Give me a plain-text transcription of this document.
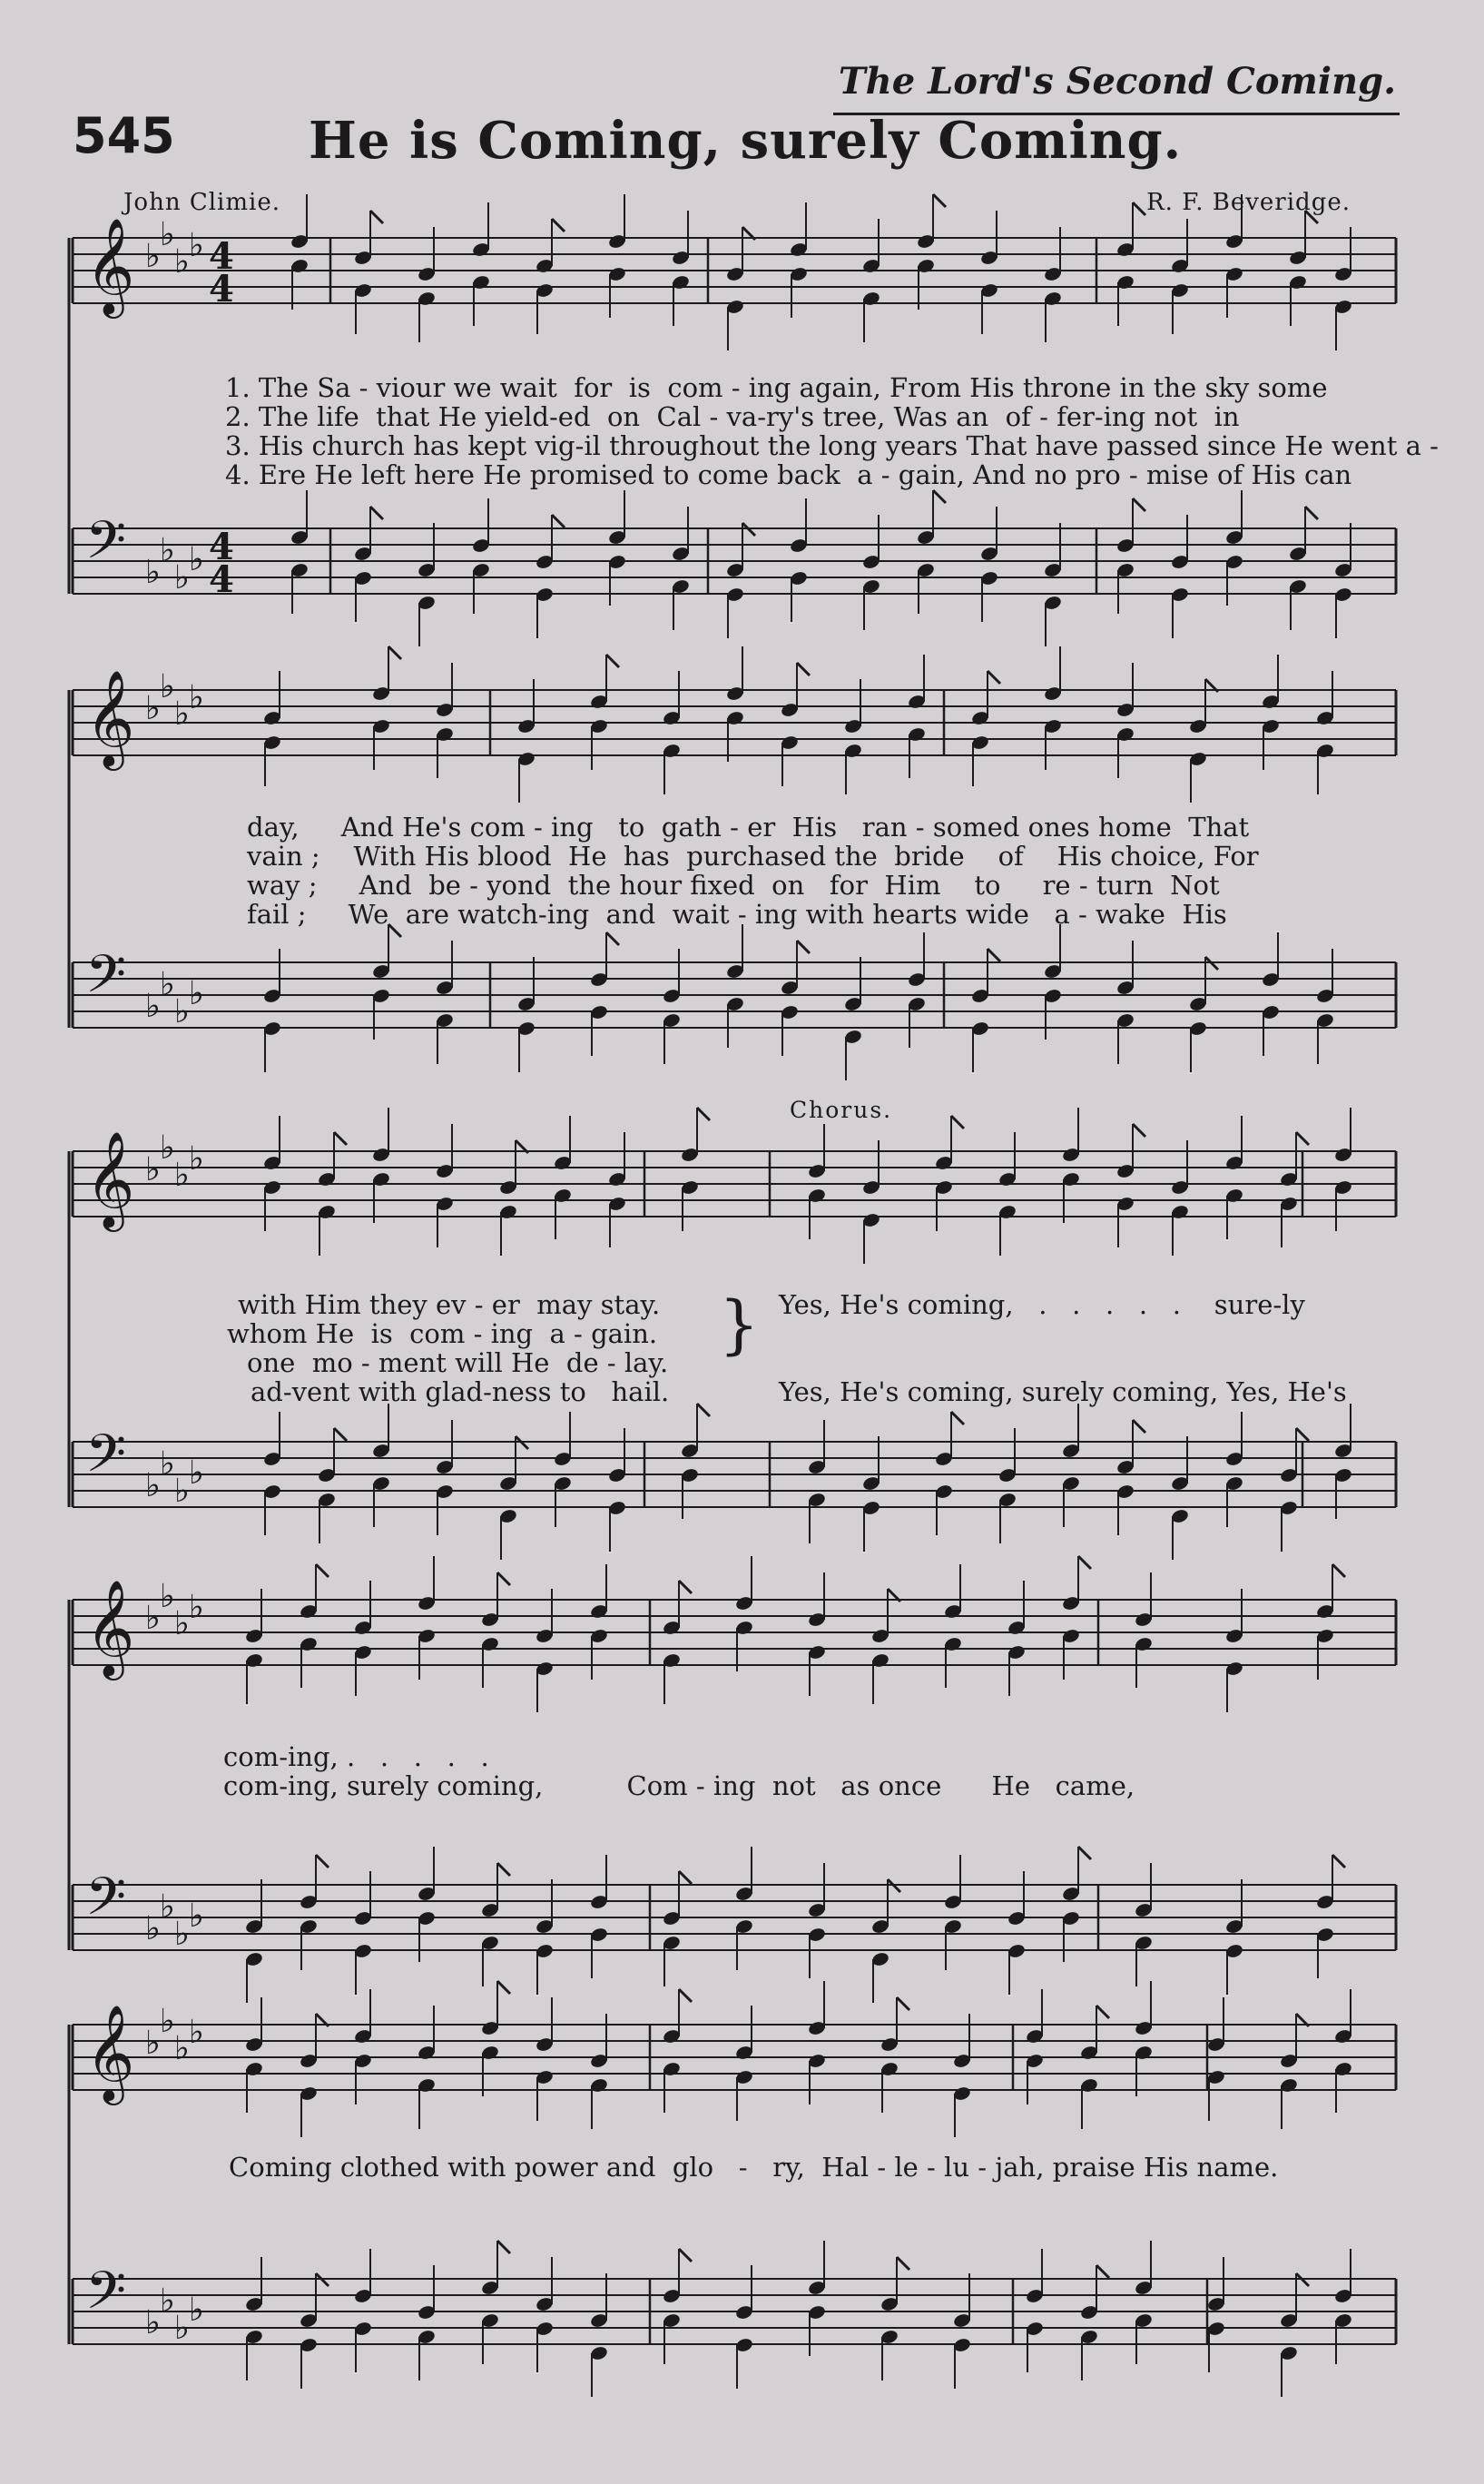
The Lord's Second Coming.
545	He is Coming, surely Coming.
John Climie.	R. F. Beveridge.
𝄞 ♭
♭
♭ ♭ 4
4
𝄢 ♭
♭
♭ ♭ 4
4
𝄞 ♭
♭
♭ ♭
𝄢 ♭
♭
♭ ♭
𝄞 ♭
♭
♭ ♭
𝄢 ♭
♭
♭ ♭
𝄞 ♭
♭
♭ ♭
𝄢 ♭
♭
♭ ♭
𝄞 ♭
♭
♭ ♭
𝄢 ♭
♭
♭ ♭
1. The Sa - viour we wait  for  is  com - ing again, From His throne in the sky some
2. The life  that He yield-ed  on  Cal - va-ry's tree, Was an  of - fer-ing not  in
3. His church has kept vig-il throughout the long years That have passed since He went a -
4. Ere He left here He promised to come back  a - gain, And no pro - mise of His can
day,     And He's com - ing   to  gath - er  His   ran - somed ones home  That
vain ;    With His blood  He  has  purchased the  bride    of    His choice, For
way ;     And  be - yond  the hour fixed  on   for  Him    to     re - turn  Not
fail ;     We  are watch-ing  and  wait - ing with hearts wide   a - wake  His
Chorus.
with Him they ev - er  may stay.
whom He  is  com - ing  a - gain.
one  mo - ment will He  de - lay.
ad-vent with glad-ness to   hail.
} Yes, He's coming,   .   .   .   .   .    sure-ly
Yes, He's coming, surely coming, Yes, He's
com-ing, .   .   .   .   .
com-ing, surely coming,          Com - ing  not   as once      He   came,
Coming clothed with power and  glo   -   ry,  Hal - le - lu - jah, praise His name.
